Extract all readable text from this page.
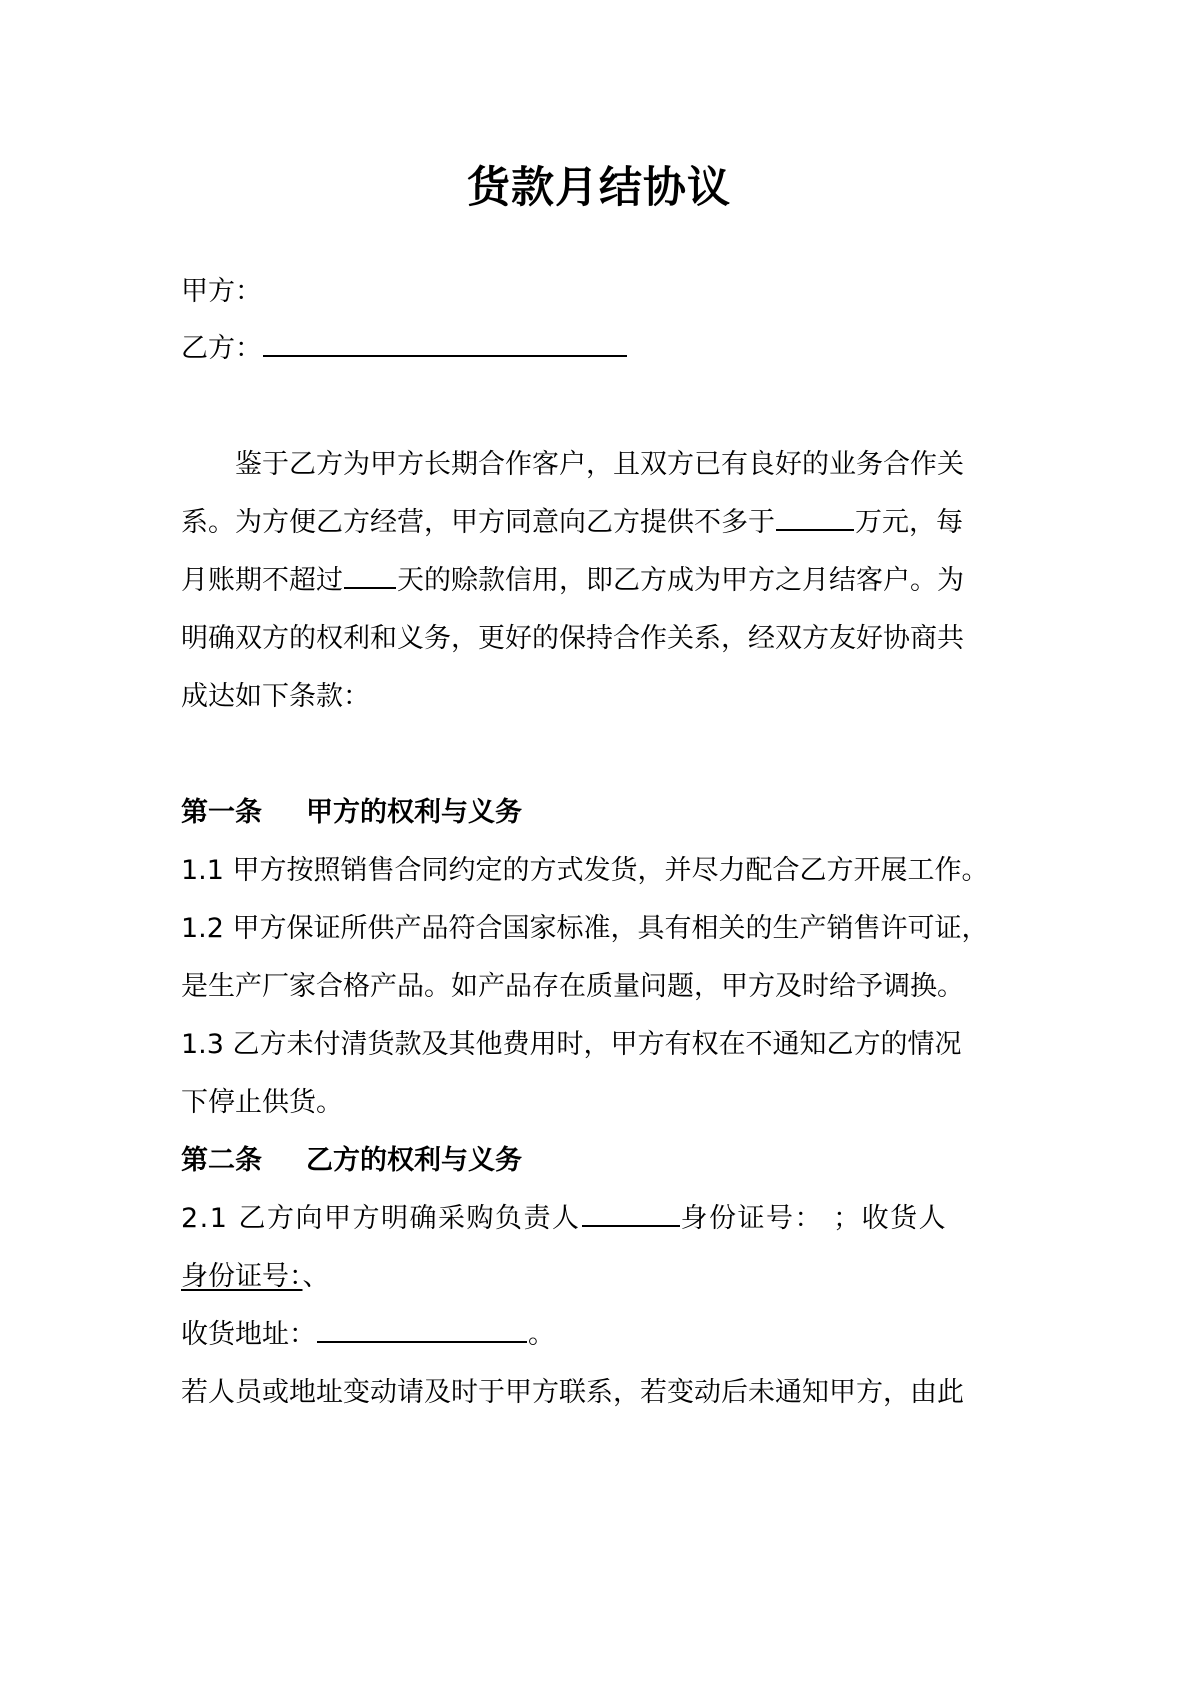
货款月结协议
甲方：
乙方：
鉴于乙方为甲方长期合作客户，且双方已有良好的业务合作关
系。为方便乙方经营，甲方同意向乙方提供不多于	万元，每
月账期不超过 天的赊款信用，即乙方成为甲方之月结客户。为
明确双方的权利和义务，更好的保持合作关系，经双方友好协商共
成达如下条款：
第一条 甲方的权利与义务
1.1 甲方按照销售合同约定的方式发货，并尽力配合乙方开展工作。
1.2 甲方保证所供产品符合国家标准，具有相关的生产销售许可证，
是生产厂家合格产品。如产品存在质量问题，甲方及时给予调换。
1.3 乙方未付清货款及其他费用时，甲方有权在不通知乙方的情况
下停止供货。
第二条 乙方的权利与义务
2.1 乙方向甲方明确采购负责人	身份证号： ；收货人
身份证号：、
收货地址：	。
若人员或地址变动请及时于甲方联系，若变动后未通知甲方，由此
